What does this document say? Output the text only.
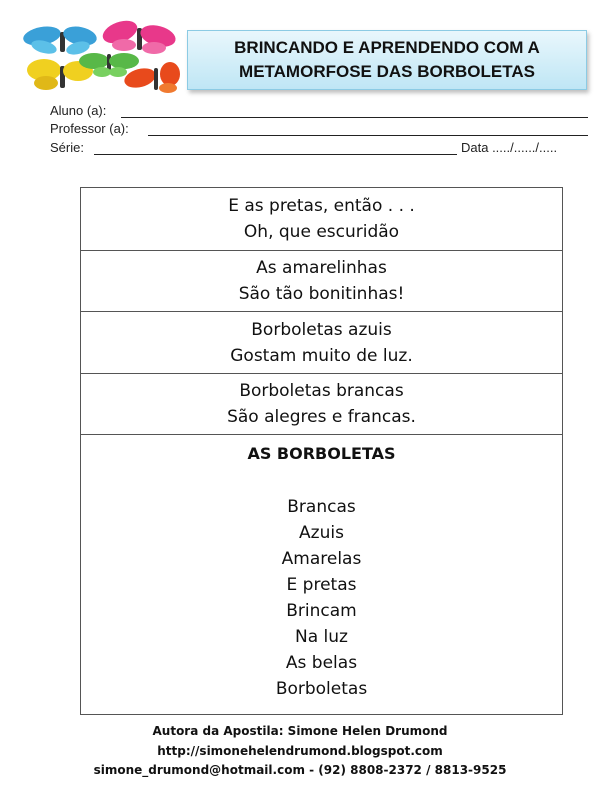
BRINCANDO E APRENDENDO COM A
METAMORFOSE DAS BORBOLETAS
Aluno (a):
Professor (a):
Série:	Data ...../....../.....
E as pretas, então . . .
Oh, que escuridão

As amarelinhas
São tão bonitinhas!

Borboletas azuis
Gostam muito de luz.

Borboletas brancas
São alegres e francas.

AS BORBOLETAS
Brancas
Azuis
Amarelas
E pretas
Brincam
Na luz
As belas
Borboletas
Autora da Apostila: Simone Helen Drumond
http://simonehelendrumond.blogspot.com
simone_drumond@hotmail.com - (92) 8808-2372 / 8813-9525
